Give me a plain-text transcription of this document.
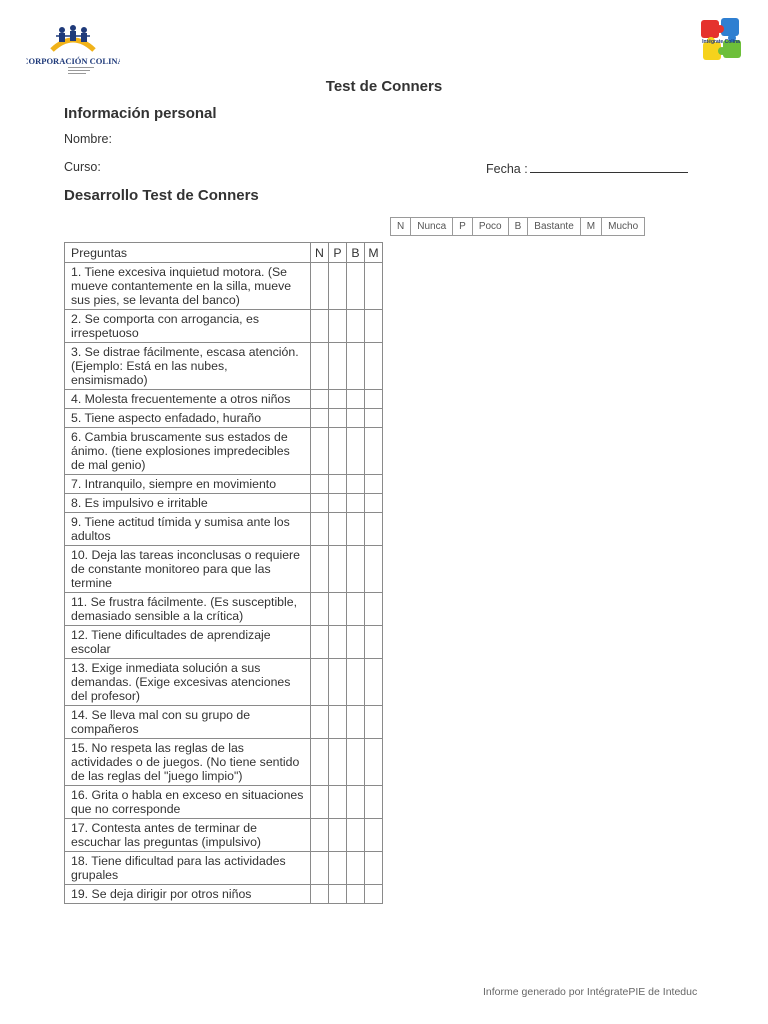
CORPORACIÓN COLINA
Intégrate Colina
Test de Conners
Información personal
Nombre:
Curso:	Fecha :
Desarrollo Test de Conners
N	Nunca	P	Poco	B	Bastante	M	Mucho
Preguntas	N	P	B	M
1. Tiene excesiva inquietud motora. (Se mueve contantemente en la silla, mueve sus pies, se levanta del banco)				
2. Se comporta con arrogancia, es irrespetuoso				
3. Se distrae fácilmente, escasa atención. (Ejemplo: Está en las nubes, ensimismado)				
4. Molesta frecuentemente a otros niños				
5. Tiene aspecto enfadado, huraño				
6. Cambia bruscamente sus estados de ánimo. (tiene explosiones impredecibles de mal genio)				
7. Intranquilo, siempre en movimiento				
8. Es impulsivo e irritable				
9. Tiene actitud tímida y sumisa ante los adultos				
10. Deja las tareas inconclusas o requiere de constante monitoreo para que las termine				
11. Se frustra fácilmente. (Es susceptible, demasiado sensible a la crítica)				
12. Tiene dificultades de aprendizaje escolar				
13. Exige inmediata solución a sus demandas. (Exige excesivas atenciones del profesor)				
14. Se lleva mal con su grupo de compañeros				
15. No respeta las reglas de las actividades o de juegos. (No tiene sentido de las reglas del "juego limpio")				
16. Grita o habla en exceso en situaciones que no corresponde				
17. Contesta antes de terminar de escuchar las preguntas (impulsivo)				
18. Tiene dificultad para las actividades grupales				
19. Se deja dirigir por otros niños				
Informe generado por IntégratePIE de Inteduc
